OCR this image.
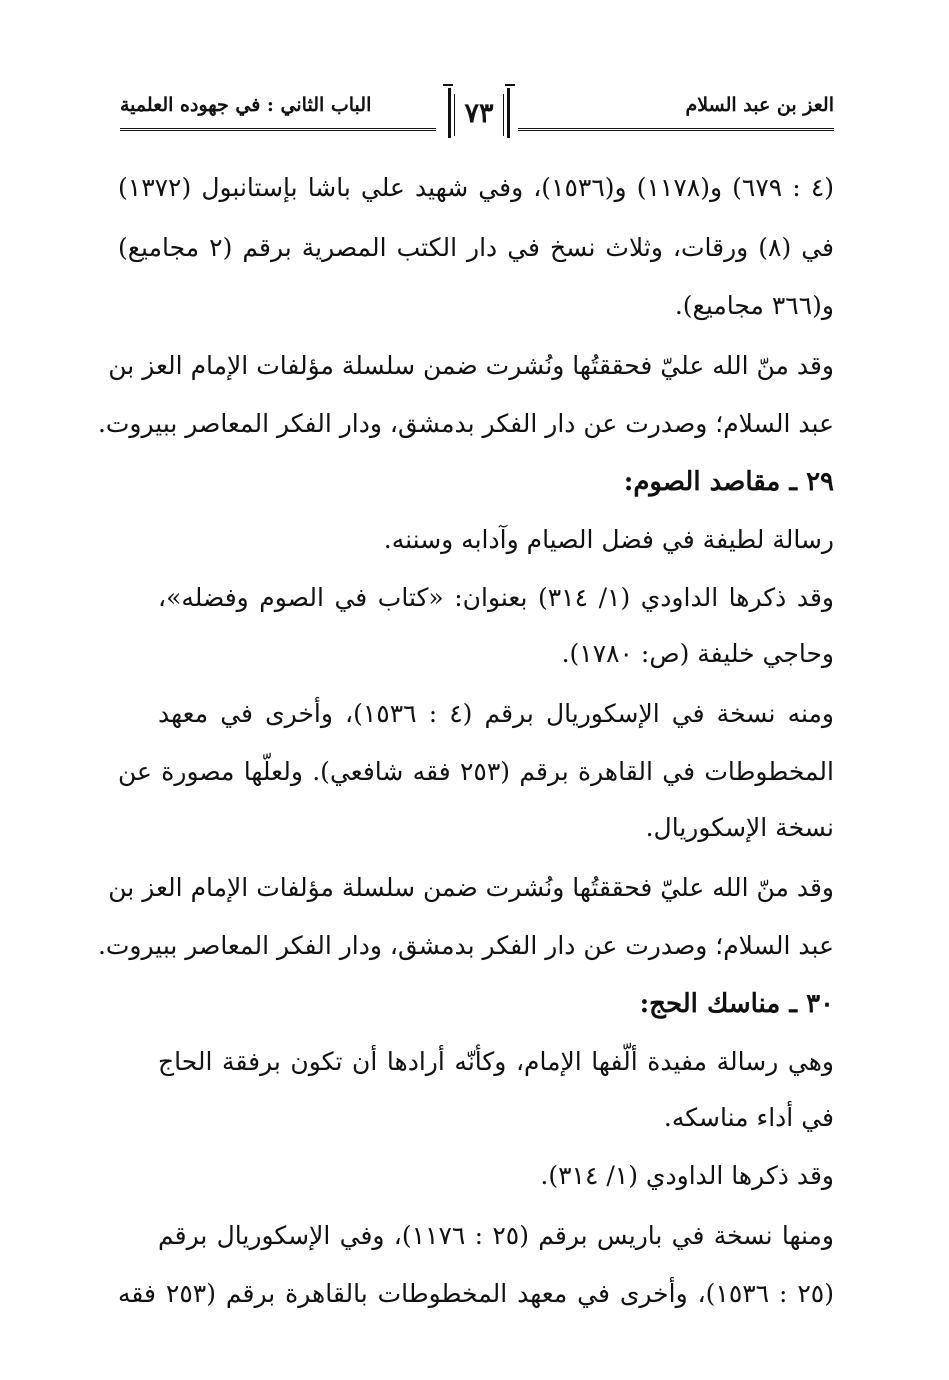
العز بن عبد السلام
الباب الثاني : في جهوده العلمية	٧٣
(٤ : ٦٧٩) و(١١٧٨) و(١٥٣٦)، وفي شهيد علي باشا بإستانبول (١٣٧٢)
في (٨) ورقات، وثلاث نسخ في دار الكتب المصرية برقم (٢ مجاميع)
و(٣٦٦ مجاميع).
وقد منّ الله عليّ فحققتُها ونُشرت ضمن سلسلة مؤلفات الإمام العز بن
عبد السلام؛ وصدرت عن دار الفكر بدمشق، ودار الفكر المعاصر ببيروت.
٢٩ ـ مقاصد الصوم:
رسالة لطيفة في فضل الصيام وآدابه وسننه.
وقد ذكرها الداودي (١/ ٣١٤) بعنوان: «كتاب في الصوم وفضله»،
وحاجي خليفة (ص: ١٧٨٠).
ومنه نسخة في الإسكوريال برقم (٤ : ١٥٣٦)، وأخرى في معهد
المخطوطات في القاهرة برقم (٢٥٣ فقه شافعي). ولعلّها مصورة عن
نسخة الإسكوريال.
وقد منّ الله عليّ فحققتُها ونُشرت ضمن سلسلة مؤلفات الإمام العز بن
عبد السلام؛ وصدرت عن دار الفكر بدمشق، ودار الفكر المعاصر ببيروت.
٣٠ ـ مناسك الحج:
وهي رسالة مفيدة ألّفها الإمام، وكأنّه أرادها أن تكون برفقة الحاج
في أداء مناسكه.
وقد ذكرها الداودي (١/ ٣١٤).
ومنها نسخة في باريس برقم (٢٥ : ١١٧٦)، وفي الإسكوريال برقم
(٢٥ : ١٥٣٦)، وأخرى في معهد المخطوطات بالقاهرة برقم (٢٥٣ فقه
